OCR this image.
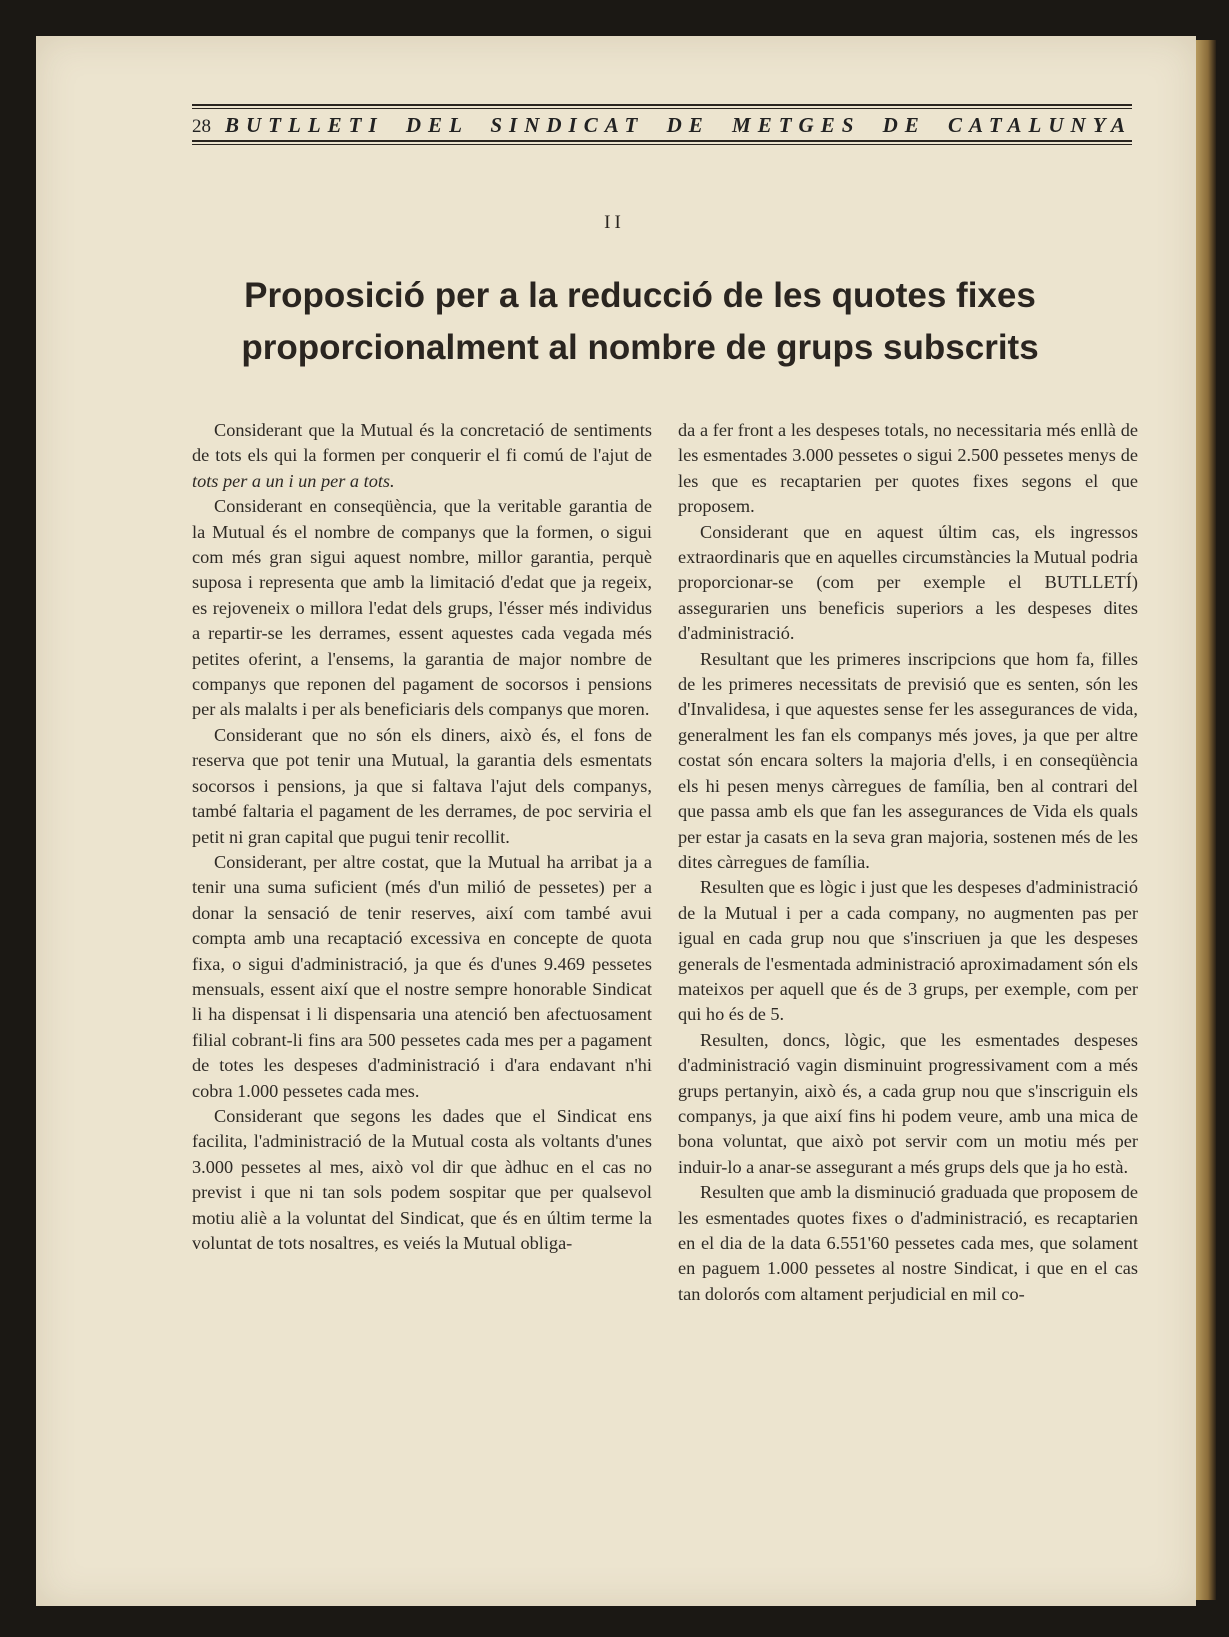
28 BUTLLETI DEL SINDICAT DE METGES DE CATALUNYA
II
Proposició per a la reducció de les quotes fixes
proporcionalment al nombre de grups subscrits

Considerant que la Mutual és la concretació de sentiments de tots els qui la formen per conquerir el fi comú de l'ajut de tots per a un i un per a tots.

Considerant en conseqüència, que la veritable garantia de la Mutual és el nombre de companys que la formen, o sigui com més gran sigui aquest nombre, millor garantia, perquè suposa i representa que amb la limitació d'edat que ja regeix, es rejoveneix o millora l'edat dels grups, l'ésser més individus a repartir-se les derrames, essent aquestes cada vegada més petites oferint, a l'ensems, la garantia de major nombre de companys que reponen del pagament de socorsos i pensions per als malalts i per als beneficiaris dels companys que moren.

Considerant que no són els diners, això és, el fons de reserva que pot tenir una Mutual, la garantia dels esmentats socorsos i pensions, ja que si faltava l'ajut dels companys, també faltaria el pagament de les derrames, de poc serviria el petit ni gran capital que pugui tenir recollit.

Considerant, per altre costat, que la Mutual ha arribat ja a tenir una suma suficient (més d'un milió de pessetes) per a donar la sensació de tenir reserves, així com també avui compta amb una recaptació excessiva en concepte de quota fixa, o sigui d'administració, ja que és d'unes 9.469 pessetes mensuals, essent així que el nostre sempre honorable Sindicat li ha dispensat i li dispensaria una atenció ben afectuosament filial cobrant-li fins ara 500 pessetes cada mes per a pagament de totes les despeses d'administració i d'ara endavant n'hi cobra 1.000 pessetes cada mes.

Considerant que segons les dades que el Sindicat ens facilita, l'administració de la Mutual costa als voltants d'unes 3.000 pessetes al mes, això vol dir que àdhuc en el cas no previst i que ni tan sols podem sospitar que per qualsevol motiu aliè a la voluntat del Sindicat, que és en últim terme la voluntat de tots nosaltres, es veiés la Mutual obliga-

da a fer front a les despeses totals, no necessitaria més enllà de les esmentades 3.000 pessetes o sigui 2.500 pessetes menys de les que es recaptarien per quotes fixes segons el que proposem.

Considerant que en aquest últim cas, els ingressos extraordinaris que en aquelles circumstàncies la Mutual podria proporcionar-se (com per exemple el BUTLLETÍ) assegurarien uns beneficis superiors a les despeses dites d'administració.

Resultant que les primeres inscripcions que hom fa, filles de les primeres necessitats de previsió que es senten, són les d'Invalidesa, i que aquestes sense fer les assegurances de vida, generalment les fan els companys més joves, ja que per altre costat són encara solters la majoria d'ells, i en conseqüència els hi pesen menys càrregues de família, ben al contrari del que passa amb els que fan les assegurances de Vida els quals per estar ja casats en la seva gran majoria, sostenen més de les dites càrregues de família.

Resulten que es lògic i just que les despeses d'administració de la Mutual i per a cada company, no augmenten pas per igual en cada grup nou que s'inscriuen ja que les despeses generals de l'esmentada administració aproximadament són els mateixos per aquell que és de 3 grups, per exemple, com per qui ho és de 5.

Resulten, doncs, lògic, que les esmentades despeses d'administració vagin disminuint progressivament com a més grups pertanyin, això és, a cada grup nou que s'inscriguin els companys, ja que així fins hi podem veure, amb una mica de bona voluntat, que això pot servir com un motiu més per induir-lo a anar-se assegurant a més grups dels que ja ho està.

Resulten que amb la disminució graduada que proposem de les esmentades quotes fixes o d'administració, es recaptarien en el dia de la data 6.551'60 pessetes cada mes, que solament en paguem 1.000 pessetes al nostre Sindicat, i que en el cas tan dolorós com altament perjudicial en mil co-
